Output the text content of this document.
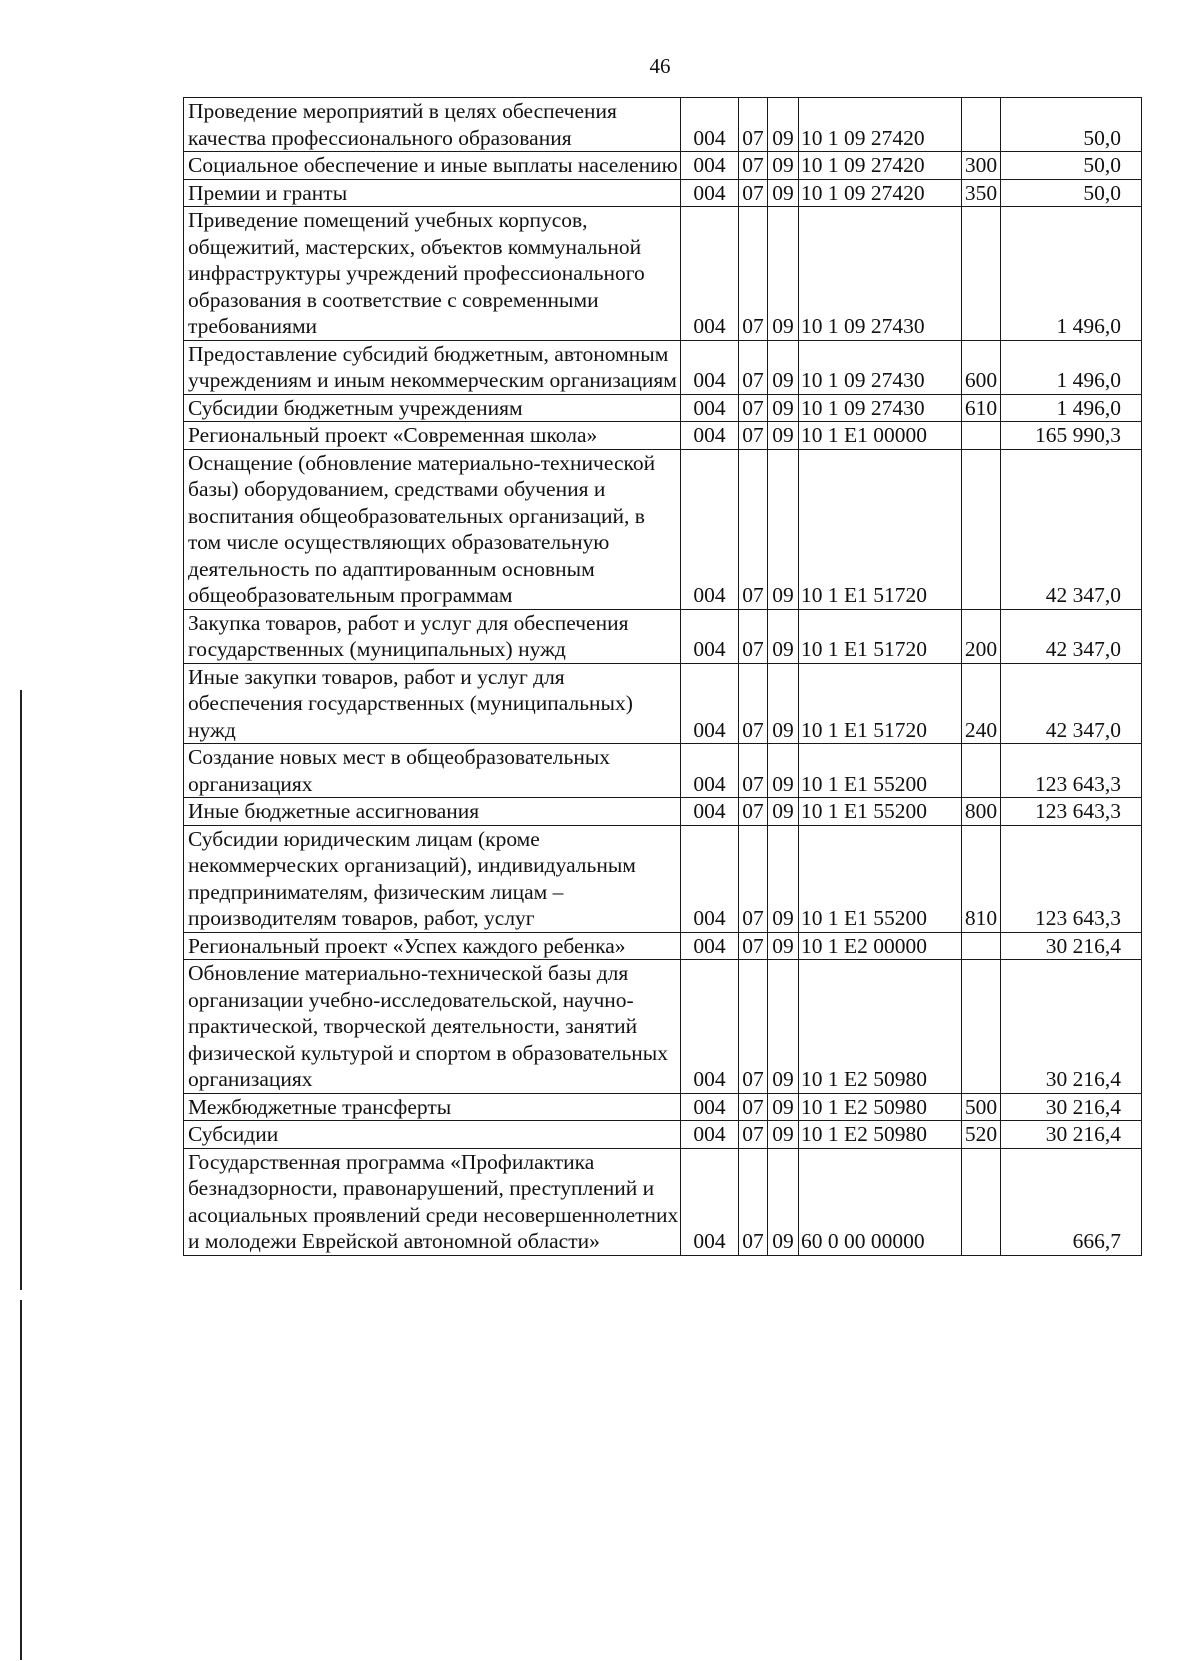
46
Проведение мероприятий в целях обеспечения качества профессионального образования	004	07	09	10 1 09 27420		50,0
Социальное обеспечение и иные выплаты населению	004	07	09	10 1 09 27420	300	50,0
Премии и гранты	004	07	09	10 1 09 27420	350	50,0
Приведение помещений учебных корпусов, общежитий, мастерских, объектов коммунальной инфраструктуры учреждений профессионального образования в соответствие с современными требованиями	004	07	09	10 1 09 27430		1 496,0
Предоставление субсидий бюджетным, автономным учреждениям и иным некоммерческим организациям	004	07	09	10 1 09 27430	600	1 496,0
Субсидии бюджетным учреждениям	004	07	09	10 1 09 27430	610	1 496,0
Региональный проект «Современная школа»	004	07	09	10 1 E1 00000		165 990,3
Оснащение (обновление материально-технической базы) оборудованием, средствами обучения и воспитания общеобразовательных организаций, в том числе осуществляющих образовательную деятельность по адаптированным основным общеобразовательным программам	004	07	09	10 1 E1 51720		42 347,0
Закупка товаров, работ и услуг для обеспечения государственных (муниципальных) нужд	004	07	09	10 1 E1 51720	200	42 347,0
Иные закупки товаров, работ и услуг для обеспечения государственных (муниципальных) нужд	004	07	09	10 1 E1 51720	240	42 347,0
Создание новых мест в общеобразовательных организациях	004	07	09	10 1 E1 55200		123 643,3
Иные бюджетные ассигнования	004	07	09	10 1 E1 55200	800	123 643,3
Субсидии юридическим лицам (кроме некоммерческих организаций), индивидуальным предпринимателям, физическим лицам – производителям товаров, работ, услуг	004	07	09	10 1 E1 55200	810	123 643,3
Региональный проект «Успех каждого ребенка»	004	07	09	10 1 E2 00000		30 216,4
Обновление материально-технической базы для организации учебно-исследовательской, научно-практической, творческой деятельности, занятий физической культурой и спортом в образовательных организациях	004	07	09	10 1 E2 50980		30 216,4
Межбюджетные трансферты	004	07	09	10 1 E2 50980	500	30 216,4
Субсидии	004	07	09	10 1 E2 50980	520	30 216,4
Государственная программа «Профилактика безнадзорности, правонарушений, преступлений и асоциальных проявлений среди несовершеннолетних и молодежи Еврейской автономной области»	004	07	09	60 0 00 00000		666,7
